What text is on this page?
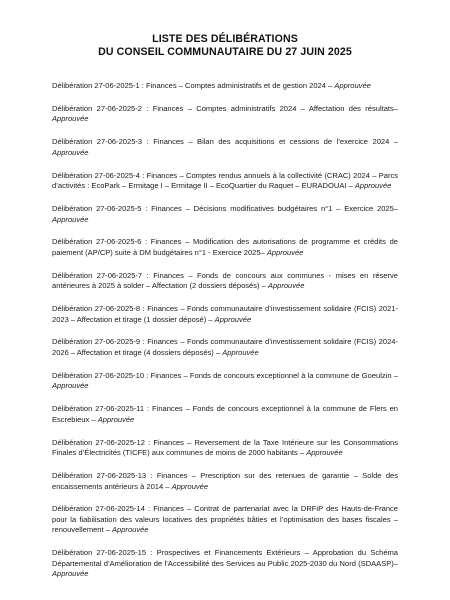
LISTE DES DÉLIBÉRATIONS
DU CONSEIL COMMUNAUTAIRE DU 27 JUIN 2025

Délibération 27-06-2025-1 : Finances – Comptes administratifs et de gestion 2024 – Approuvée

Délibération 27-06-2025-2 : Finances – Comptes administratifs 2024 – Affectation des résultats– Approuvée

Délibération 27-06-2025-3 : Finances – Bilan des acquisitions et cessions de l’exercice 2024 – Approuvée

Délibération 27-06-2025-4 : Finances – Comptes rendus annuels à la collectivité (CRAC) 2024 – Parcs d’activités : EcoPark – Ermitage I – Ermitage II – EcoQuartier du Raquet – EURADOUAI – Approuvée

Délibération 27-06-2025-5 : Finances – Décisions modificatives budgétaires n°1 – Exercice 2025– Approuvée

Délibération 27-06-2025-6 : Finances – Modification des autorisations de programme et crédits de paiement (AP/CP) suite à DM budgétaires n°1 - Exercice 2025– Approuvée

Délibération 27-06-2025-7 : Finances – Fonds de concours aux communes - mises en réserve antérieures à 2025 à solder – Affectation (2 dossiers déposés) – Approuvée

Délibération 27-06-2025-8 : Finances – Fonds communautaire d’investissement solidaire (FCIS) 2021-2023 – Affectation et tirage (1 dossier déposé) – Approuvée

Délibération 27-06-2025-9 : Finances – Fonds communautaire d’investissement solidaire (FCIS) 2024-2026 – Affectation et tirage (4 dossiers déposés) – Approuvée

Délibération 27-06-2025-10 : Finances – Fonds de concours exceptionnel à la commune de Goeulzin – Approuvée

Délibération 27-06-2025-11 : Finances – Fonds de concours exceptionnel à la commune de Flers en Escrebieux – Approuvée

Délibération 27-06-2025-12 : Finances – Reversement de la Taxe Intérieure sur les Consommations Finales d’Électricités (TICFE) aux communes de moins de 2000 habitants – Approuvée

Délibération 27-06-2025-13 : Finances – Prescription sur des retenues de garantie – Solde des encaissements antérieurs à 2014 – Approuvée

Délibération 27-06-2025-14 : Finances – Contrat de partenariat avec la DRFiP des Hauts-de-France pour la fiabilisation des valeurs locatives des propriétés bâties et l’optimisation des bases fiscales – renouvellement – Approuvée

Délibération 27-06-2025-15 : Prospectives et Financements Extérieurs – Approbation du Schéma Départemental d’Amélioration de l’Accessibilité des Services au Public 2025-2030 du Nord (SDAASP)– Approuvée
